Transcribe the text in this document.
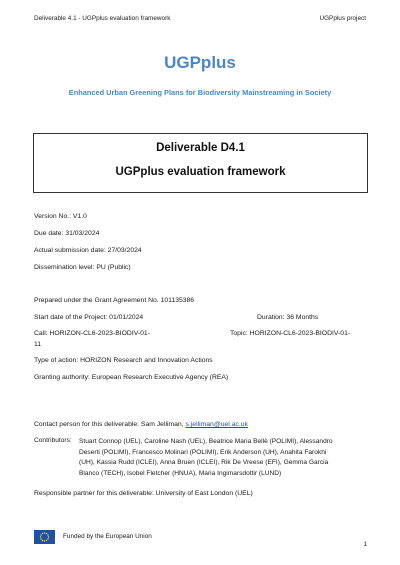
Deliverable 4.1 - UGPplus evaluation framework	UGPplus project
UGPplus
Enhanced Urban Greening Plans for Biodiversity Mainstreaming in Society
Deliverable D4.1
UGPplus evaluation framework
Version No.: V1.0
Due date: 31/03/2024
Actual submission date: 27/03/2024
Dissemination level: PU (Public)
Prepared under the Grant Agreement No. 101135386
Start date of the Project: 01/01/2024	Duration: 36 Months
Call: HORIZON-CL6-2023-BIODIV-01-
11
Topic: HORIZON-CL6-2023-BIODIV-01-
Type of action: HORIZON Research and Innovation Actions
Granting authority: European Research Executive Agency (REA)
Contact person for this deliverable: Sam Jelliman, s.jelliman@uel.ac.uk
Contributors: Stuart Connop (UEL), Caroline Nash (UEL), Beatrice Maria Bellè (POLIMI), Alessandro
Deserti (POLIMI), Francesco Molinari (POLIMI), Erik Anderson (UH), Anahita Farokhi
(UH), Kassia Rudd (ICLEI), Anna Bruen (ICLEI), Rik De Vreese (EFI), Gemma Garcia
Blanco (TECH), Isobel Fletcher (HNUA), Maria Ingimarsdottir (LUND)
Responsible partner for this deliverable: University of East London (UEL)
Funded by the European Union
1
